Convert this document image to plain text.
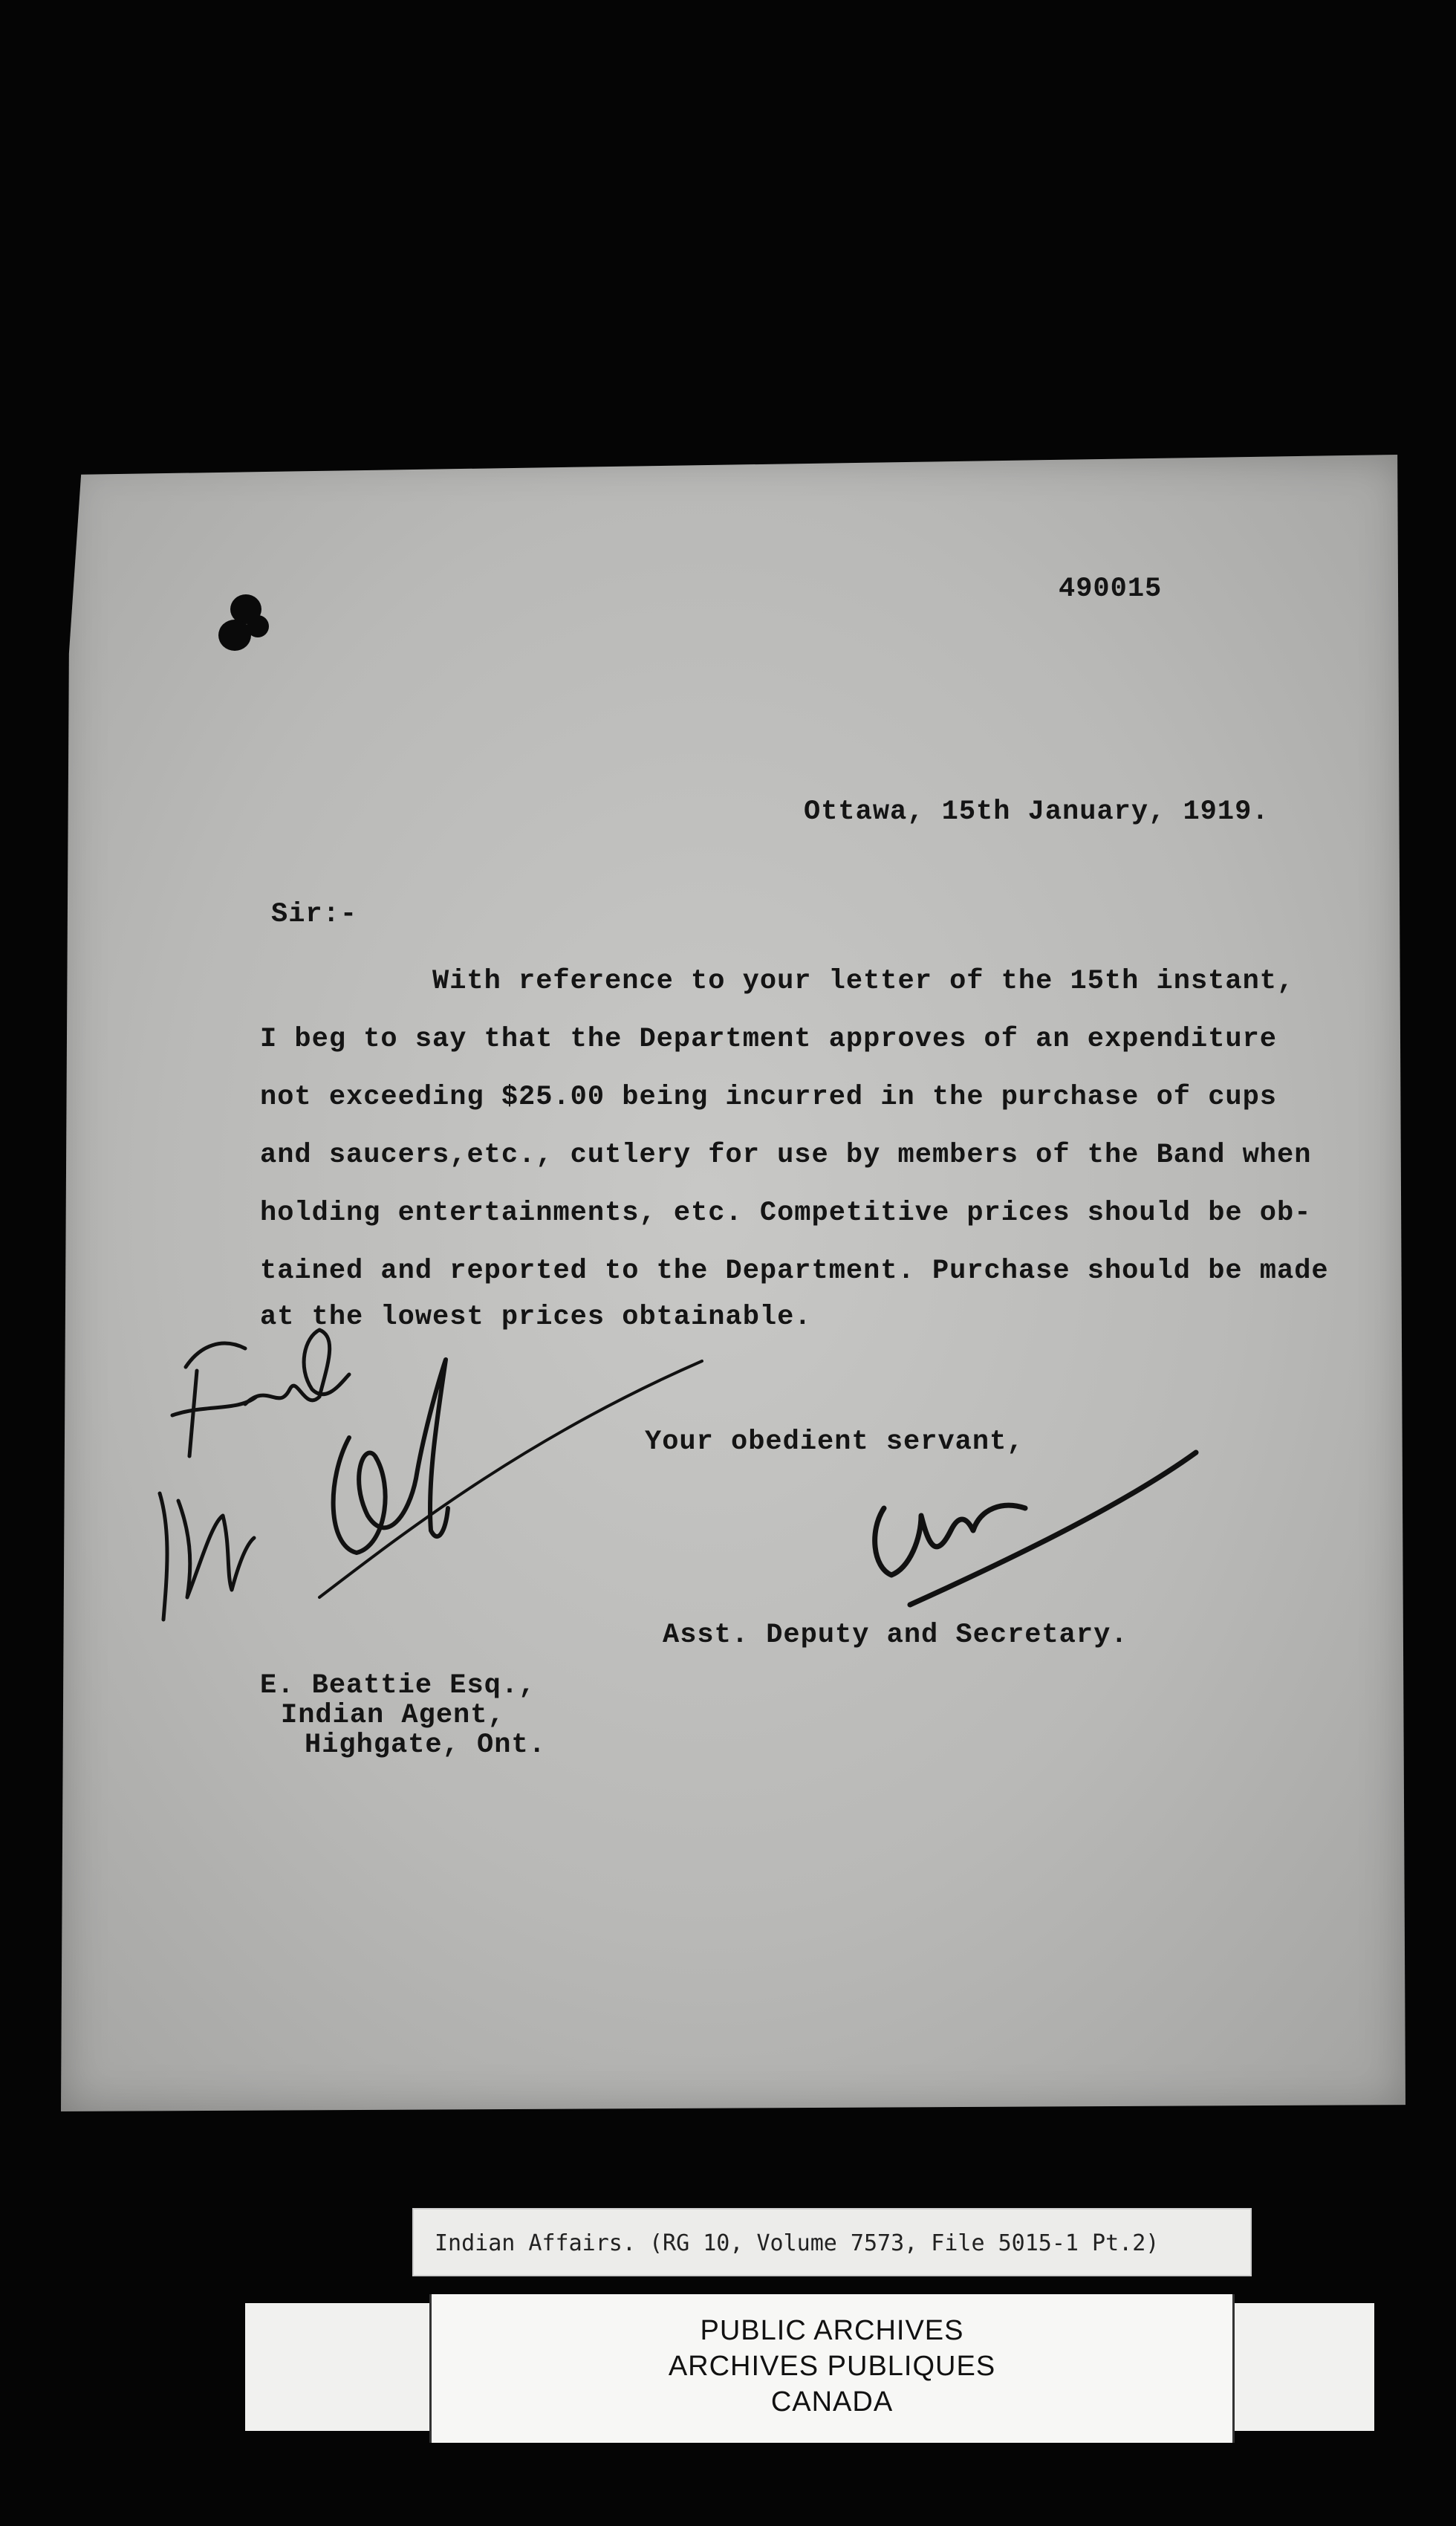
490015
Ottawa, 15th January, 1919.
Sir:-
With reference to your letter of the 15th instant,
I beg to say that the Department approves of an expenditure
not exceeding $25.00 being incurred in the purchase of cups
and saucers,etc., cutlery for use by members of the Band when
holding entertainments, etc. Competitive prices should be ob-
tained and reported to the Department. Purchase should be made
at the lowest prices obtainable.
Your obedient servant,
Asst. Deputy and Secretary.
E. Beattie Esq.,
Indian Agent,
Highgate, Ont.
Indian Affairs. (RG 10, Volume 7573, File 5015-1 Pt.2)
PUBLIC ARCHIVES
ARCHIVES PUBLIQUES
CANADA
